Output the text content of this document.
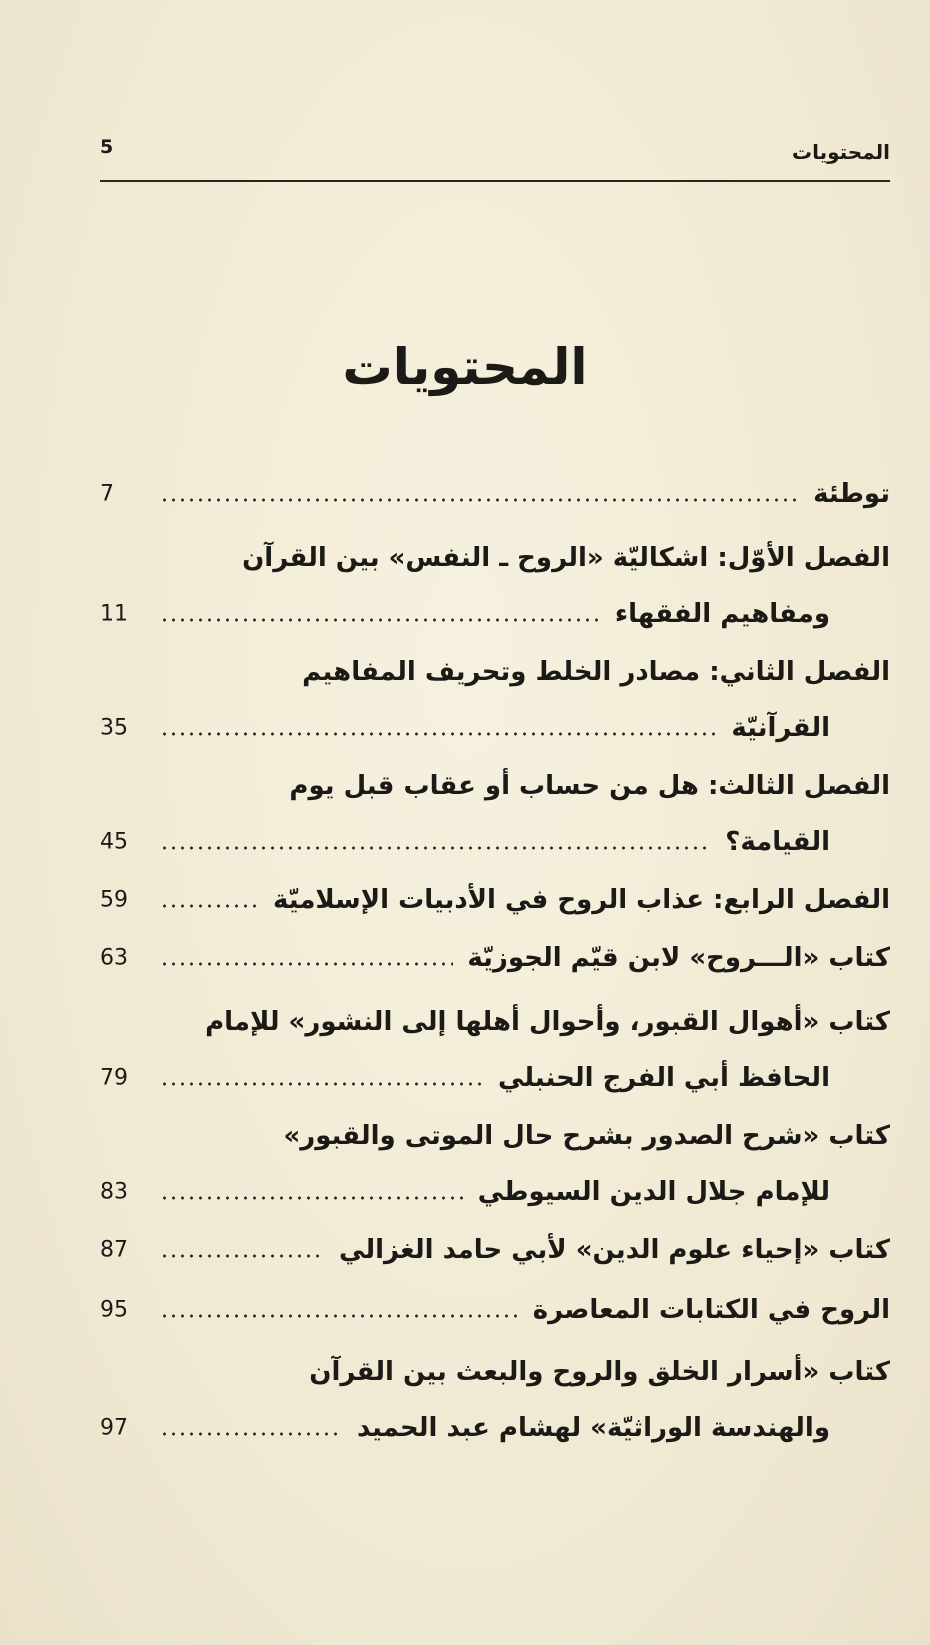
المحتويات
5
المحتويات
توطئة
7
الفصل الأوّل: اشكاليّة «الروح ـ النفس» بين القرآن
ومفاهيم الفقهاء
11
الفصل الثاني: مصادر الخلط وتحريف المفاهيم
القرآنيّة
35
الفصل الثالث: هل من حساب أو عقاب قبل يوم
القيامة؟
45
الفصل الرابع: عذاب الروح في الأدبيات الإسلاميّة
59
كتاب «الـــروح» لابن قيّم الجوزيّة
63
كتاب «أهوال القبور، وأحوال أهلها إلى النشور» للإمام
الحافظ أبي الفرج الحنبلي
79
كتاب «شرح الصدور بشرح حال الموتى والقبور»
للإمام جلال الدين السيوطي
83
كتاب «إحياء علوم الدين» لأبي حامد الغزالي
87
الروح في الكتابات المعاصرة
95
كتاب «أسرار الخلق والروح والبعث بين القرآن
والهندسة الوراثيّة» لهشام عبد الحميد
97
